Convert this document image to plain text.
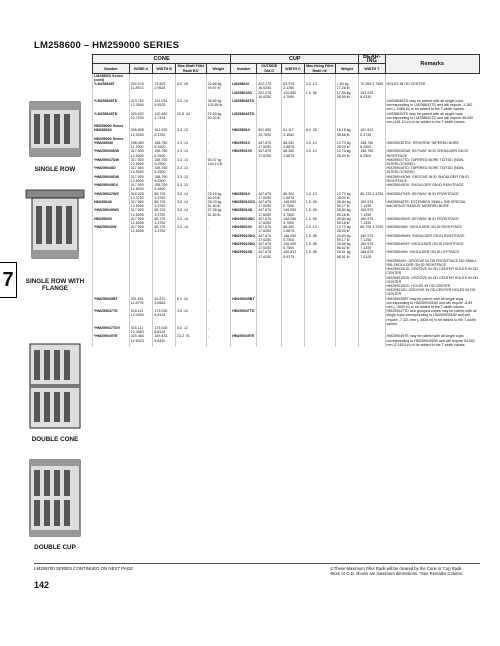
LM258600 – HM259000 SERIES
7
SINGLE ROW
SINGLE ROW WITH FLANGE
DOUBLE CONE
DOUBLE CUP
CONE					CUP					BEAR-ING	Remarks
Number	BORE d	WIDTH B	Max Shaft Fillet Radii R①	Weight	Number	OUTSIDE DIA D	WIDTH C	Max Hsing Fillet Radii r①	Weight	WIDTH T	
LM258600 Series (cont)											
*LM258638T	302.078 11.8913	74.803 2.9524	6.5 .26	22.66 kg 49.97 lb	LM258610	422.275 16.6250	53.975 2.1250	3.3 .13	7.83 kg 17.26 lb	70.269 2.7665	HOLES IN OD CENTER
					LM258610D	422.275 16.6250	120.650 4.7500	1.5 .06	17.50 kg 38.59 lb	153.229 6.0330	
*LM258648TD	313.762 12.3540	141.034 5.5525	3.5 .14	46.65 kg 102.85 lb	LM258648TD						LM258648TD may be paired with all single cups corresponding to LM258642TD and will require -1.382 mm (-.0488 in) to be added to the T-width values.
*LM258649TD	320.632 12.7033	120.462 4.7434	10.8 .34	22.83 kg 50.33 lb	LM258649TD						LM258649TE may be paired with all single cups corresponding to LM258642TD and will require 46.000 mm (181.10 in) to be added to the T-width values.
HM258000 Series											
HM258930	306.808 12.0000	161.925 6.3750	3.3 .13	-	HM258910	501.650 19.7500	61.117 2.4062	6.4 .25	16.18 kg 35.66 lb	161.922 6.3749	
HM259000 Series											
*HM259030	298.450 11.7500	158.750 6.2500	3.3 .13	-	HM259010	447.675 17.6250	68.262 2.6875	3.3 .13	12.70 kg 28.00 lb	158.750 6.2500	HM259030TD1: REVERSE TAPERED BORE
*HM259030DW	317.500 12.5000	158.750 6.2500	3.3 .13	-	HM259010V	447.675 17.6250	68.262 2.6875	3.3 .13	12.70 kg 28.00 lb	158.750 6.2500	HM259030DW: KEYWAY IN ID SHOULDER ON ID RIGHTFACE
*HM259047DW	317.500 12.5000	158.750 6.2500	3.3 .13	65.37 kg 144.13 lb							HM259047TD: TAPERED BORE TD/TDD (NON-INTERLOCKING)
*HM259048D	317.500 12.5000	158.750 6.2500	3.3 .13	-							HM259048TD: TAPERED BORE TD/TDD (NON-INTERLOCKING)
*HM259049DW	317.500 12.5000	158.750 6.2500	3.3 .13	-							HM259049DW: GROOVE IN ID SHOULDER ON ID RIGHTFACE
*HM259049DX	317.500 12.5000	158.750 6.2500	3.3 .13	-							HM259049DX: SHOULDER ON ID RIGHTFACE
*HM259047WS	316.325 12.3752	85.725 3.3750	3.5 .14	29.16 kg 64.29 lb	HM259010	447.675 17.6250	68.262 2.6875	3.3 .13	12.70 kg 28.00 lb	85.725 3.3750	HM259047WS: KEYWAY IN ID FRONTFACE
HM259048	317.500 12.5000	85.725 3.3750	3.5 .14	28.03 kg 61.80 lb	HM259010CD	447.675 17.6250	146.050 5.7500	1.5 .06	26.84 kg 59.17 lb	180.975 7.1250	HM259048TE: EXTENDED SMALL RIB SPECIAL BACKFACE RADIUS TAPERED BORE
*HM259049WS	317.500 12.5000	85.725 3.3750	3.5 .14	27.95 kg 61.64 lb	HM259010D	447.675 17.6250	146.050 5.7500	1.5 .06	26.84 kg 59.18 lb	180.975 7.1250	
HM259049	317.500 12.5000	85.725 3.3750	3.5 .14	-	HM259010DC	447.675 17.6250	146.050 5.7500	1.5 .06	26.84 kg 59.18 lb	180.975 7.1250	HM259049WS: KEYWAY IN ID FRONTFACE
*HM259049W	317.500 12.5000	85.725 3.3750	3.5 .14	-	HM259010V	447.675 17.6250	68.262 2.6875	3.3 .13	12.70 kg 28.00 lb	85.725 3.3750	HM259049W: SHOULDER ON ID RIGHTFACE
					HM259010DG	447.675 17.6250	146.050 5.7500	1.5 .06	26.84 kg 59.17 lb	180.975 7.1250	HM259049WH: SHOULDER ON ID RIGHTFACE
					HM259010DD	447.675 17.6250	146.050 5.7500	1.5 .06	25.66 kg 56.62 lb	180.975 7.1250	HM259049WT: SHOULDER ON ID RIGHTFACE
					HM259010D	447.675 17.6250	150.812 5.9375	1.5 .06	26.61 kg 58.41 lb	185.675 7.3125	HM259049W: SHOULDER ON ID LEFTFACE
											HM259049X: GROOVE IN OD FRONTFACE NO SMALL RIB SHOULDER ON ID RIGHTFACE
											HM259010CD: GROOVE IN OD CENTER HOLES IN OD CENTER
											HM259010DD: GROOVE IN OD CENTER HOLES IN OD CENTER
											HM259010DC: HOLES IN OD CENTER
											HM259010D: GROOVE IN OD CENTER HOLES IN OD CENTER
*HM259030BT	301.601 11.8776	92.870 3.6563	6.0 .24	-	HM259030BT						HM259030BT may be paired with all single cups corresponding to HM259030DW and will require -8.89 mm (-.3500 in) to be added to the T-width values.
*HM259047TD	316.111 12.4453	173.035 6.8124	3.0 .12	-	HM259047TD						HM259047TD and grouped cones may be paired with all single cups corresponding to HM259030DW and will require -7.321 mm (-.0828 in) to be added to the T-width values.
*HM259047TDV	316.111 12.4453	173.035 6.8124	3.0 .12	-							
*HM259049TE	320.480 12.6323	149.433 5.8430	23.2 .91	-	HM259049TE						HM259049TE may be paired with all single cups corresponding to HM259030DW and will require 54.902 mm (2.1615 in) to be added to the T-width values.
LM259700 SERIES CONTINUED ON NEXT PAGE	①These Maximum Fillet Radii will be cleared by the Cone or Cup Radii.
²Bore or O.D. shown are maximum dimensions. *See Remarks Column.
142
